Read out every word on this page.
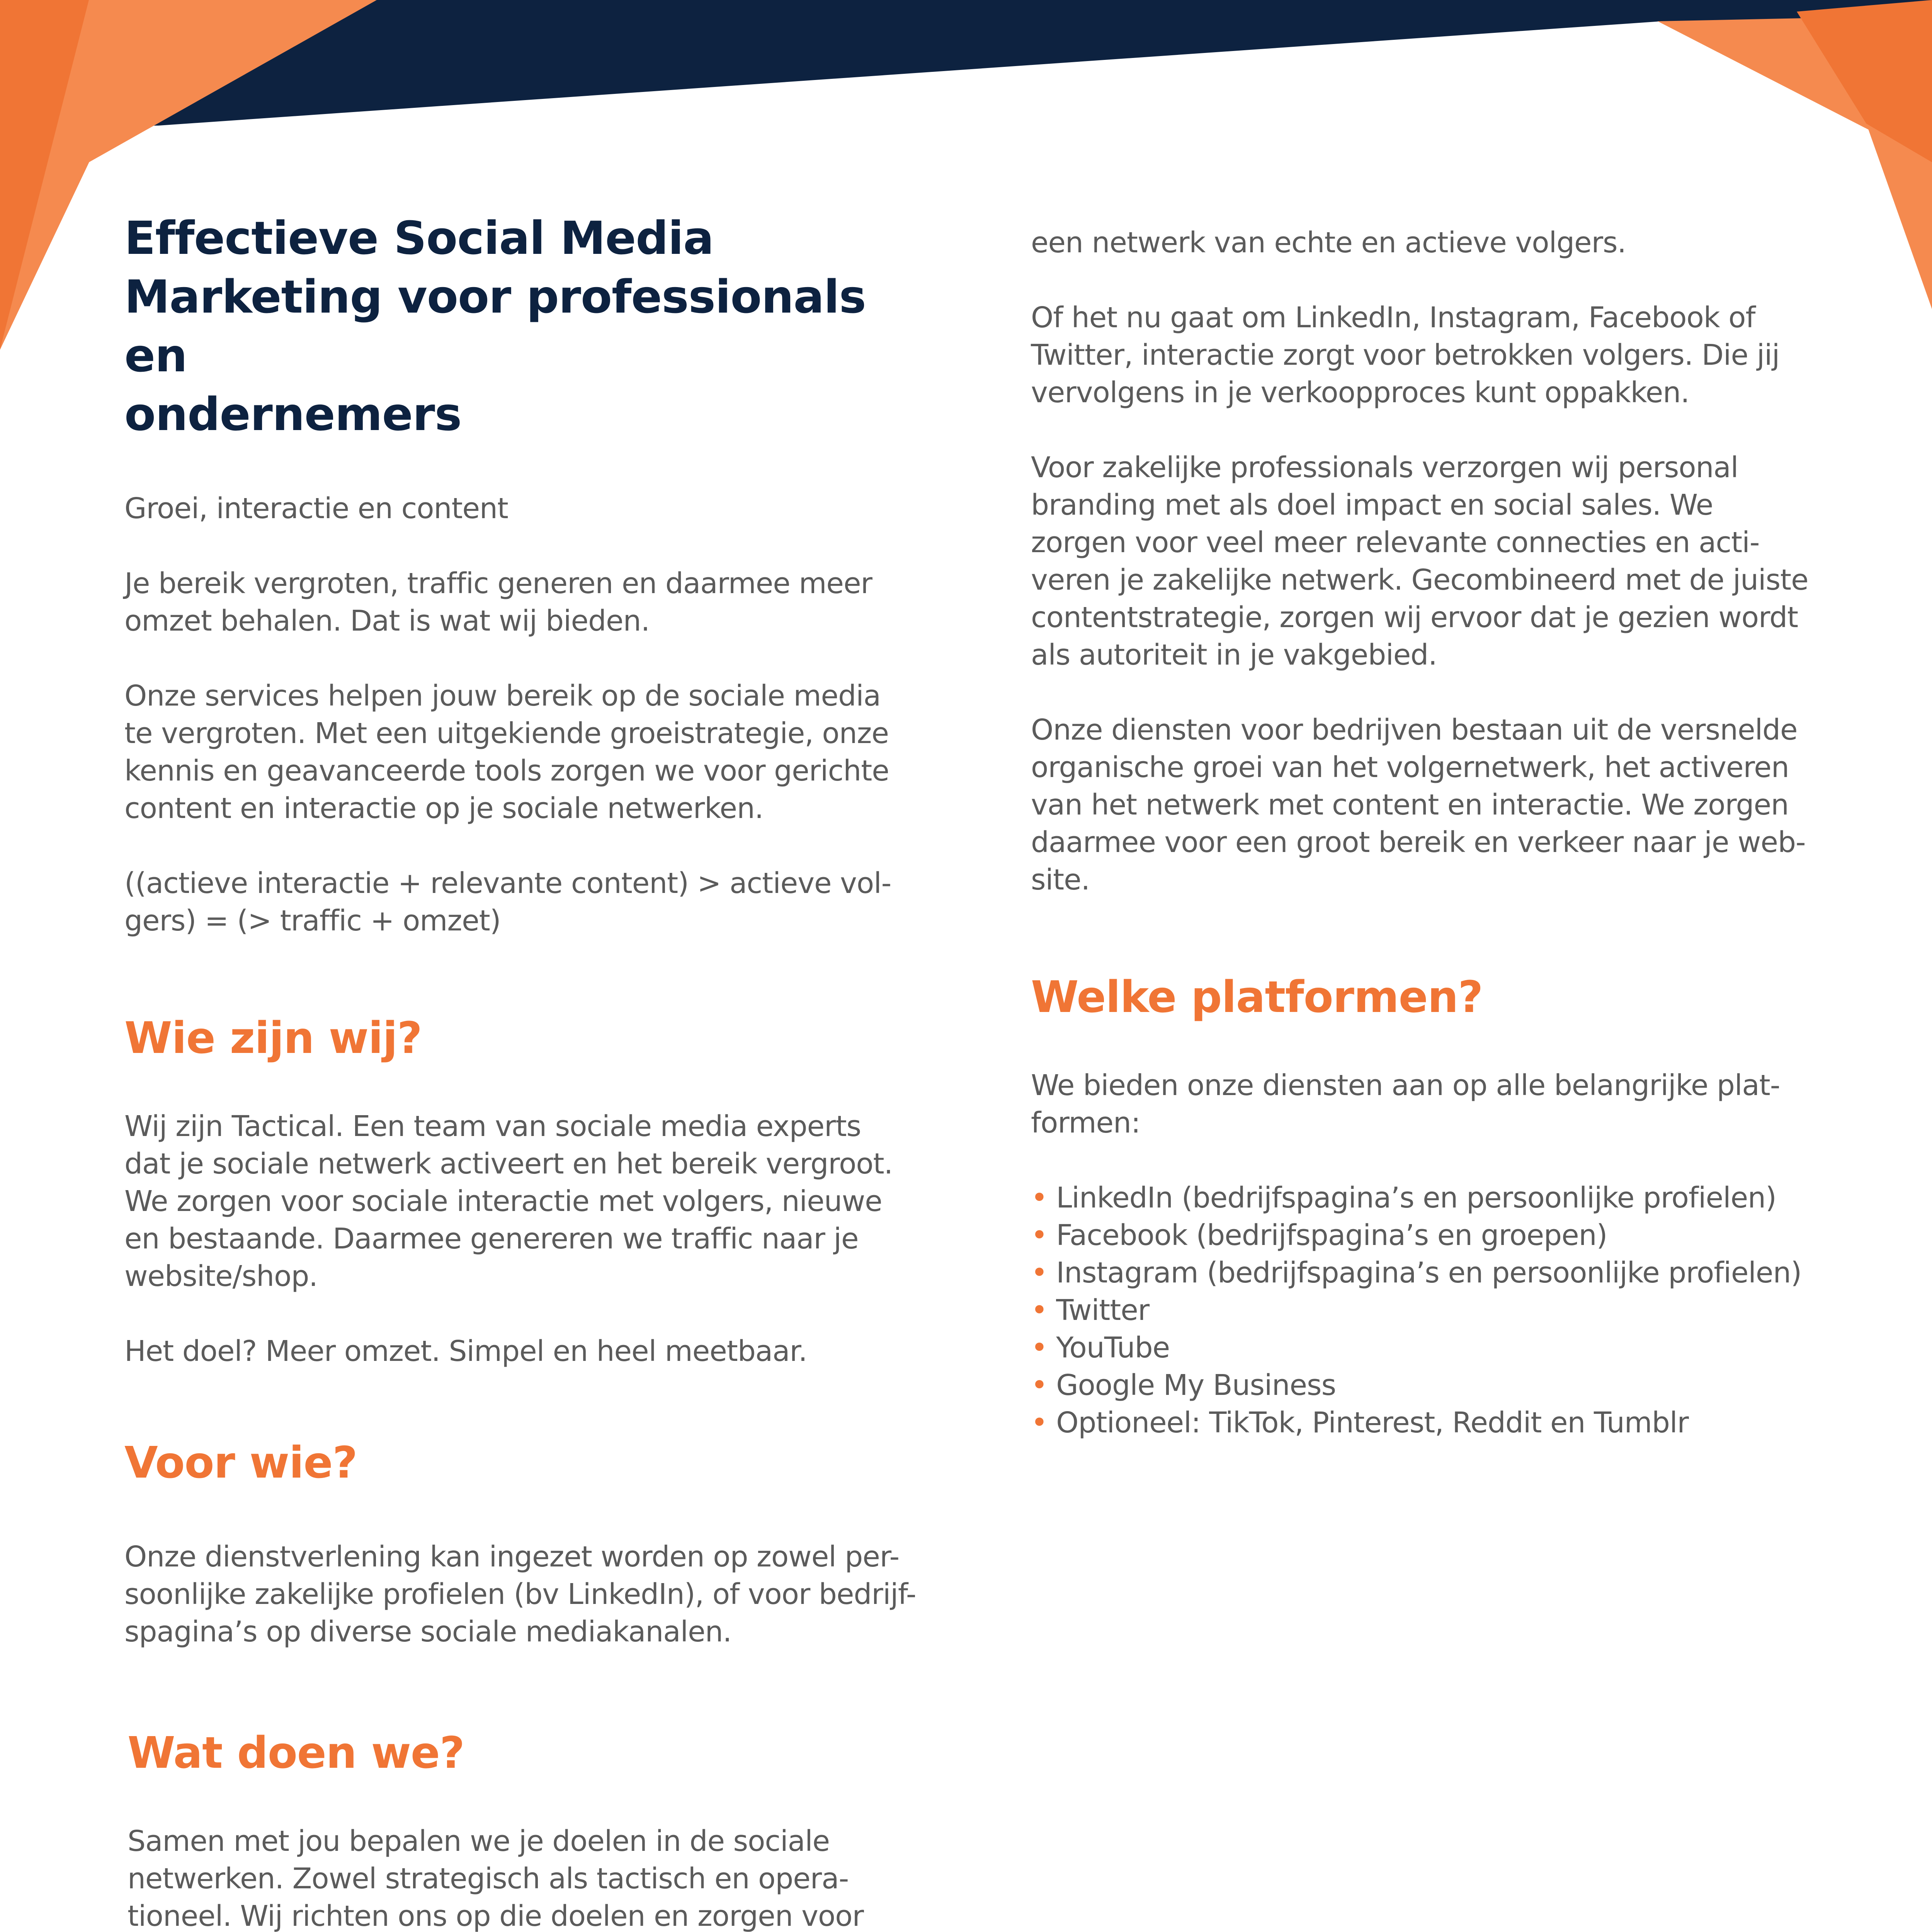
Effectieve Social Media
Marketing voor professionals en
ondernemers
Groei, interactie en content
Je bereik vergroten, traffic generen en daarmee meer
omzet behalen. Dat is wat wij bieden.
Onze services helpen jouw bereik op de sociale media
te vergroten. Met een uitgekiende groeistrategie, onze
kennis en geavanceerde tools zorgen we voor gerichte
content en interactie op je sociale netwerken.
((actieve interactie + relevante content) > actieve vol-
gers) = (> traffic + omzet)
Wie zijn wij?
Wij zijn Tactical. Een team van sociale media experts
dat je sociale netwerk activeert en het bereik vergroot.
We zorgen voor sociale interactie met volgers, nieuwe
en bestaande. Daarmee genereren we traffic naar je
website/shop.
Het doel? Meer omzet. Simpel en heel meetbaar.
Voor wie?
Onze dienstverlening kan ingezet worden op zowel per-
soonlijke zakelijke profielen (bv LinkedIn), of voor bedrijf-
spagina’s op diverse sociale mediakanalen.
Wat doen we?
Samen met jou bepalen we je doelen in de sociale
netwerken. Zowel strategisch als tactisch en opera-
tioneel. Wij richten ons op die doelen en zorgen voor
een netwerk van echte en actieve volgers.
Of het nu gaat om LinkedIn, Instagram, Facebook of
Twitter, interactie zorgt voor betrokken volgers. Die jij
vervolgens in je verkoopproces kunt oppakken.
Voor zakelijke professionals verzorgen wij personal
branding met als doel impact en social sales. We
zorgen voor veel meer relevante connecties en acti-
veren je zakelijke netwerk. Gecombineerd met de juiste
contentstrategie, zorgen wij ervoor dat je gezien wordt
als autoriteit in je vakgebied.
Onze diensten voor bedrijven bestaan uit de versnelde
organische groei van het volgernetwerk, het activeren
van het netwerk met content en interactie. We zorgen
daarmee voor een groot bereik en verkeer naar je web-
site.
Welke platformen?
We bieden onze diensten aan op alle belangrijke plat-
formen:
• LinkedIn (bedrijfspagina’s en persoonlijke profielen)
• Facebook (bedrijfspagina’s en groepen)
• Instagram (bedrijfspagina’s en persoonlijke profielen)
• Twitter
• YouTube
• Google My Business
• Optioneel: TikTok, Pinterest, Reddit en Tumblr
